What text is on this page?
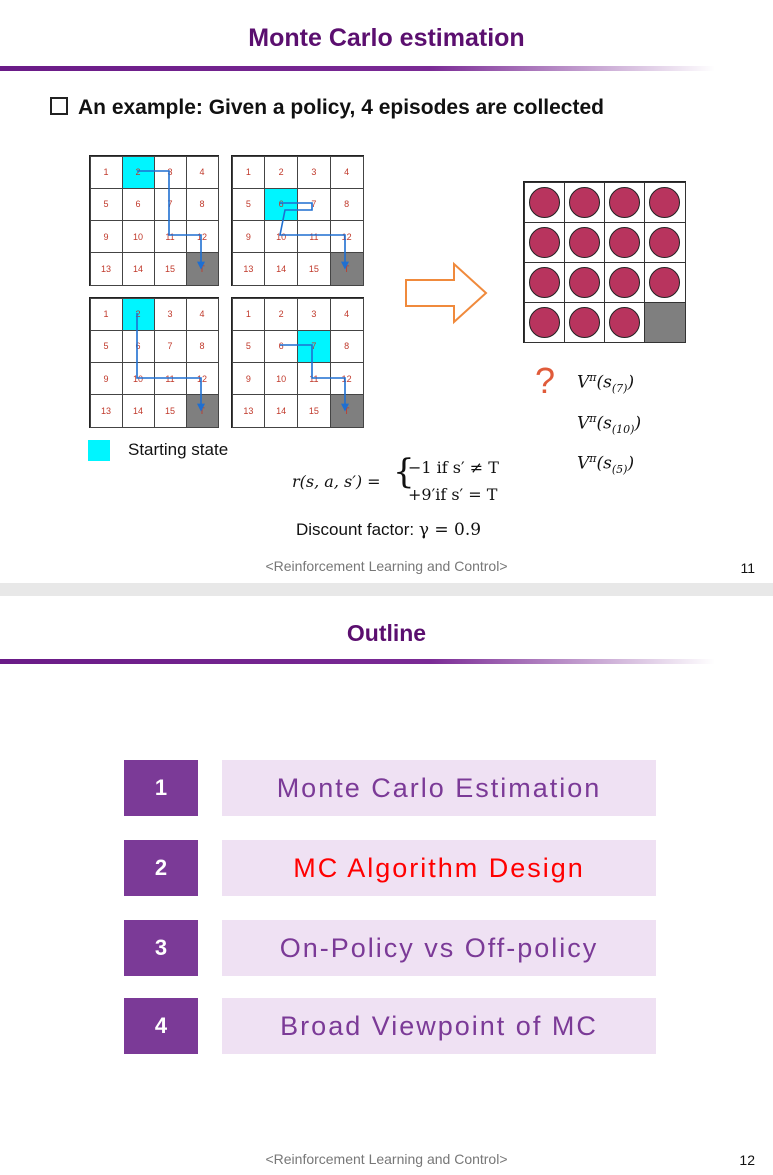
Monte Carlo estimation
An example: Given a policy, 4 episodes are collected
1	2	3	4
5	6	7	8
9	10	11	12
13	14	15	T
1	2	3	4
5	6	7	8
9	10	11	12
13	14	15	T
1	2	3	4
5	6	7	8
9	10	11	12
13	14	15	T
1	2	3	4
5	6	7	8
9	10	11	12
13	14	15	T
Starting state
? $V^\pi(s_{(7)})$
$V^\pi(s_{(10)})$
$V^\pi(s_{(5)})$
r(s, a, s′) = {
−1 if s′ ≠ T
+9′if s′ = T
Discount factor: γ = 0.9
<Reinforcement Learning and Control>	11
Outline
1	Monte Carlo Estimation
2	MC Algorithm Design
3	On-Policy vs Off-policy
4	Broad Viewpoint of MC
<Reinforcement Learning and Control>	12
